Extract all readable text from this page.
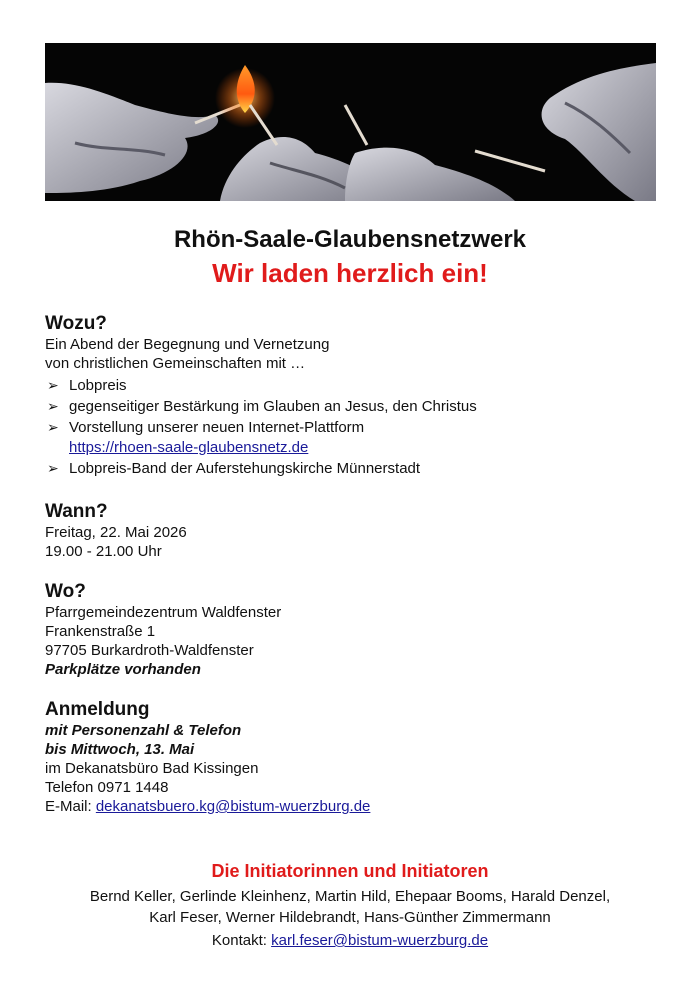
Rhön-Saale-Glaubensnetzwerk
Wir laden herzlich ein!
Wozu?
Ein Abend der Begegnung und Vernetzung
von christlichen Gemeinschaften mit …
➢ Lobpreis
➢ gegenseitiger Bestärkung im Glauben an Jesus, den Christus
➢ Vorstellung unserer neuen Internet-Plattform
https://rhoen-saale-glaubensnetz.de
➢ Lobpreis-Band der Auferstehungskirche Münnerstadt
Wann?
Freitag, 22. Mai 2026
19.00 - 21.00 Uhr
Wo?
Pfarrgemeindezentrum Waldfenster
Frankenstraße 1
97705 Burkardroth-Waldfenster
Parkplätze vorhanden
Anmeldung
mit Personenzahl & Telefon
bis Mittwoch, 13. Mai
im Dekanatsbüro Bad Kissingen
Telefon 0971 1448
E-Mail: dekanatsbuero.kg@bistum-wuerzburg.de
Die Initiatorinnen und Initiatoren
Bernd Keller, Gerlinde Kleinhenz, Martin Hild, Ehepaar Booms, Harald Denzel,
Karl Feser, Werner Hildebrandt, Hans-Günther Zimmermann
Kontakt: karl.feser@bistum-wuerzburg.de
